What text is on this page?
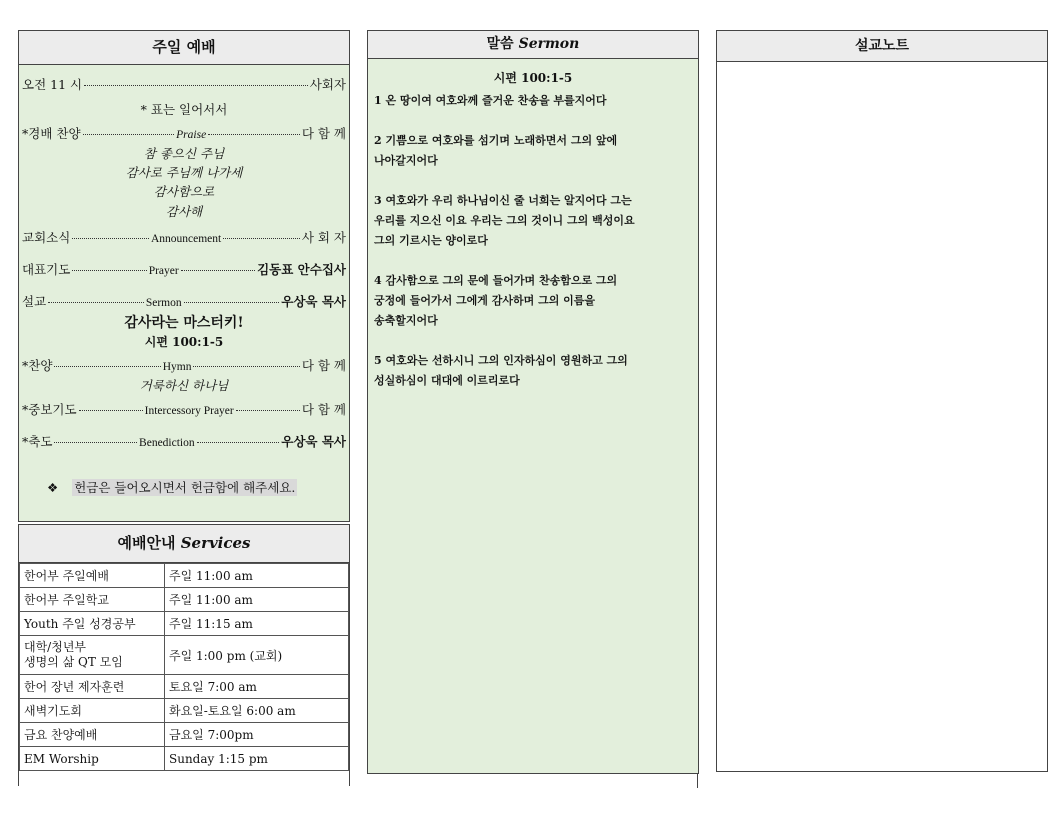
주일 예배
오전 11 시	사회자
* 표는 일어서서
*경배 찬양	Praise	다 함 께
참 좋으신 주님
감사로 주님께 나가세
감사함으로
감사해
교회소식	Announcement	사 회 자
대표기도	Prayer	김동표 안수집사
설교	Sermon	우상욱 목사
감사라는 마스터키!
시편 100:1-5
*찬양	Hymn	다 함 께
거룩하신 하나님
*중보기도	Intercessory Prayer	다 함 께
*축도	Benediction	우상욱 목사
❖ 헌금은 들어오시면서 헌금함에 해주세요.
예배안내 Services
한어부 주일예배	주일 11:00 am
한어부 주일학교	주일 11:00 am
Youth 주일 성경공부	주일 11:15 am
대학/청년부
생명의 삶 QT 모임	주일 1:00 pm (교회)
한어 장년 제자훈련	토요일 7:00 am
새벽기도회	화요일-토요일 6:00 am
금요 찬양예배	금요일 7:00pm
EM Worship	Sunday 1:15 pm
말씀 Sermon
시편 100:1-5

1 온 땅이여 여호와께 즐거운 찬송을 부를지어다

2 기쁨으로 여호와를 섬기며 노래하면서 그의 앞에
나아갈지어다

3 여호와가 우리 하나님이신 줄 너희는 알지어다 그는
우리를 지으신 이요 우리는 그의 것이니 그의 백성이요
그의 기르시는 양이로다

4 감사함으로 그의 문에 들어가며 찬송함으로 그의
궁정에 들어가서 그에게 감사하며 그의 이름을
송축할지어다

5 여호와는 선하시니 그의 인자하심이 영원하고 그의
성실하심이 대대에 이르리로다

설교노트
